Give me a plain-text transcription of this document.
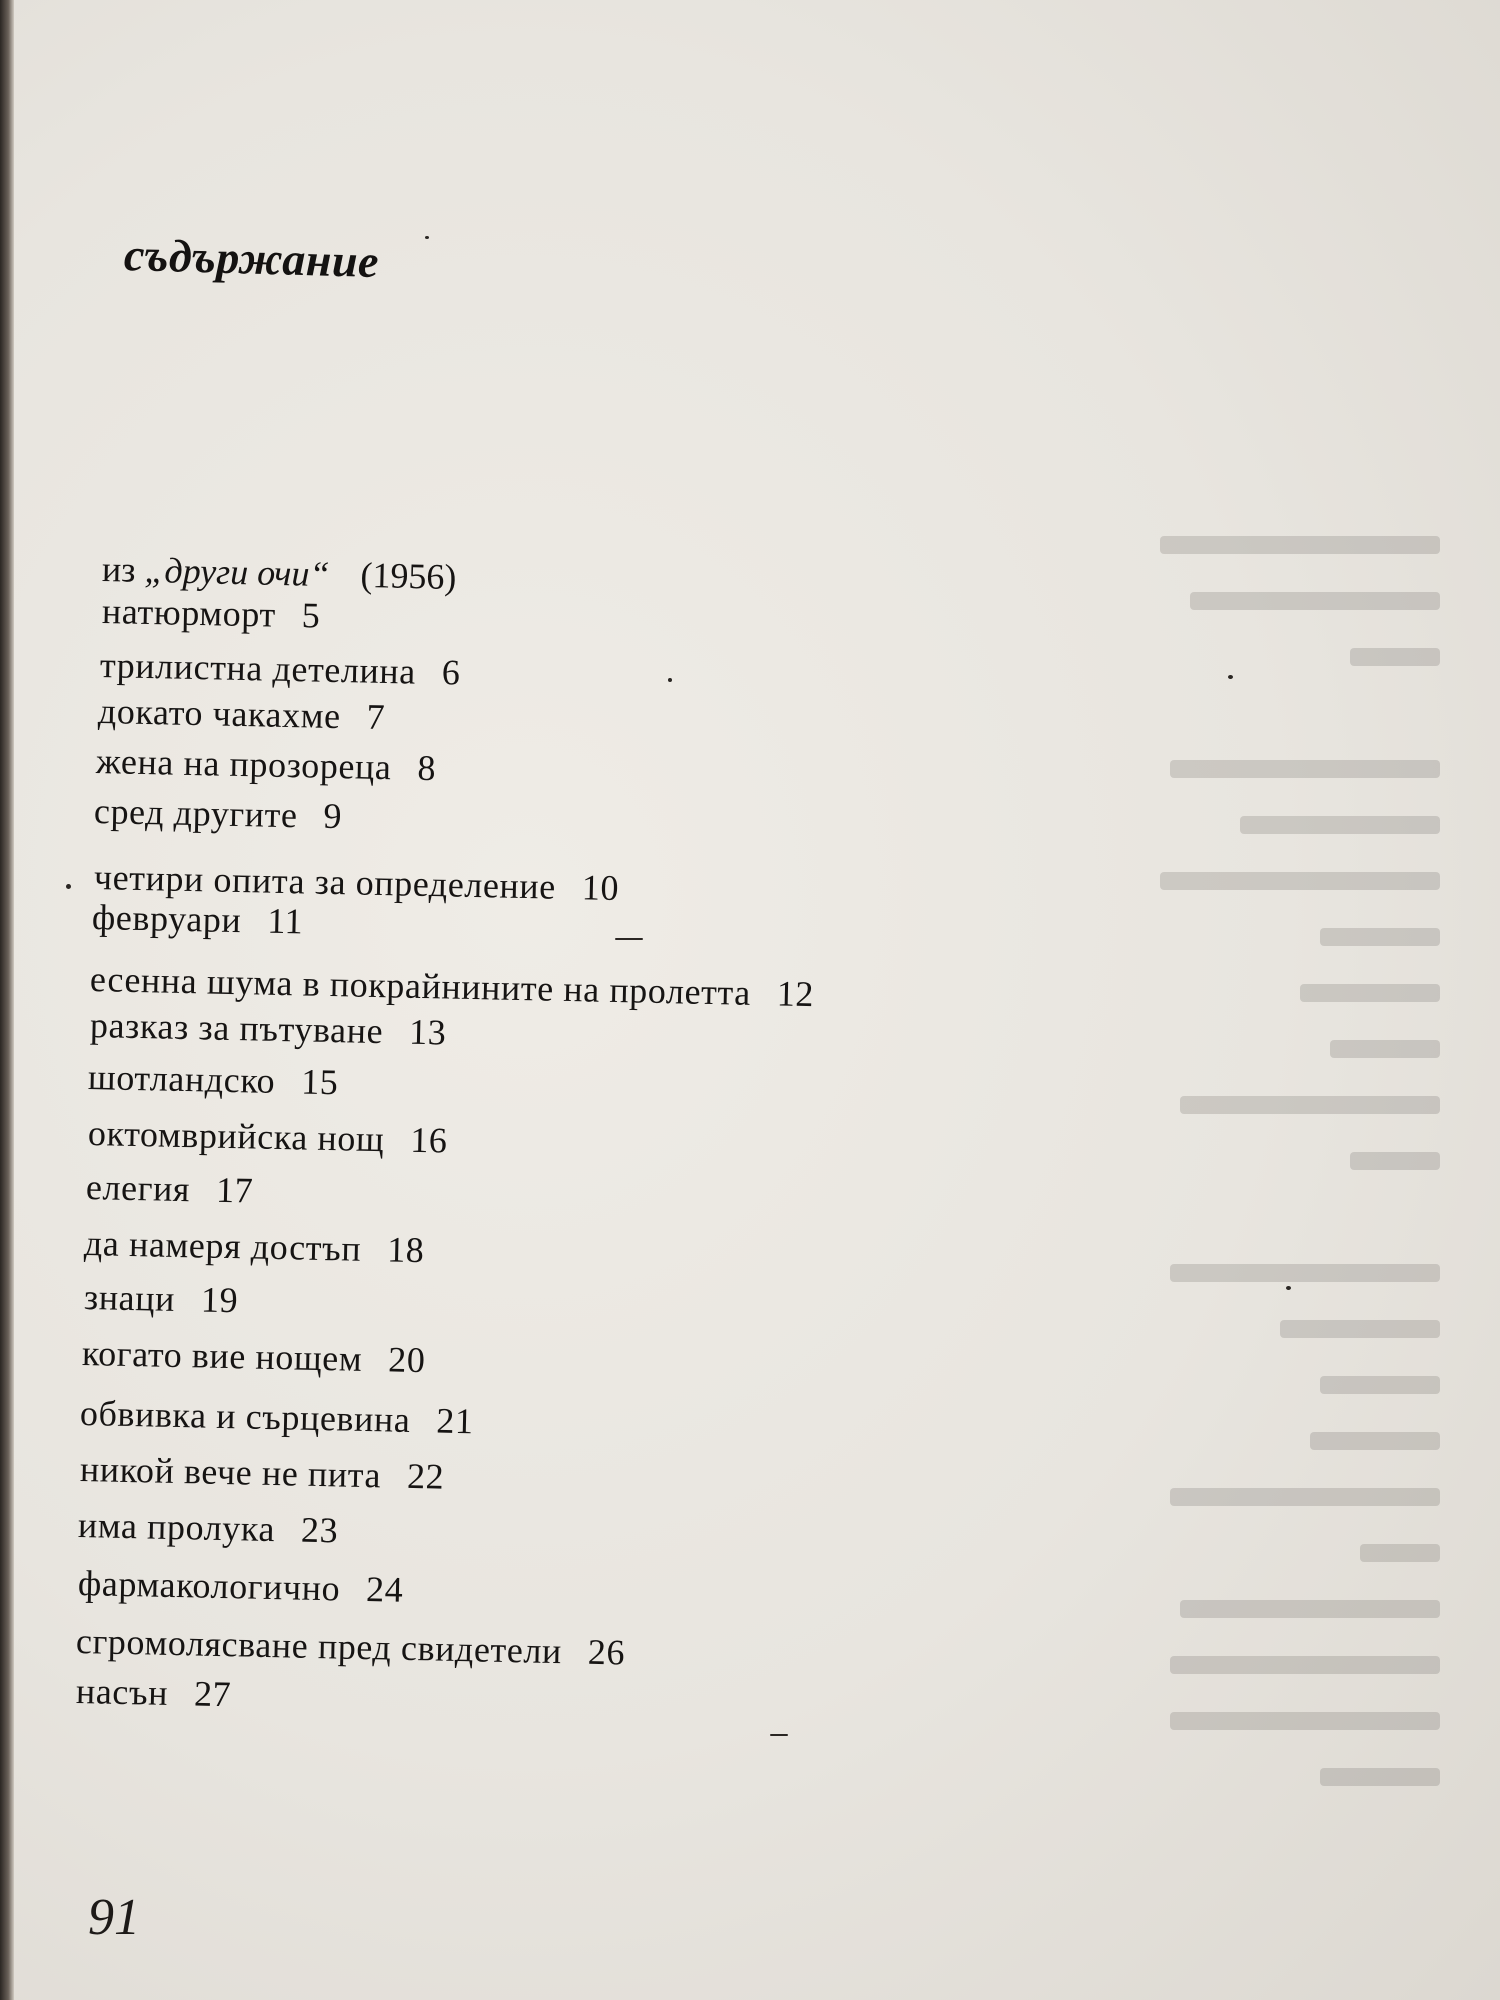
съдържание
из „други очи“ (1956)
натюрморт 5
трилистна детелина 6
докато чакахме 7
жена на прозореца 8
сред другите 9
четири опита за определение 10
февруари 11
есенна шума в покрайнините на пролетта 12
разказ за пътуване 13
шотландско 15
октомврийска нощ 16
елегия 17
да намеря достъп 18
знаци 19
когато вие нощем 20
обвивка и сърцевина 21
никой вече не пита 22
има пролука 23
фармакологично 24
сгромолясване пред свидетели 26
насън 27
91
